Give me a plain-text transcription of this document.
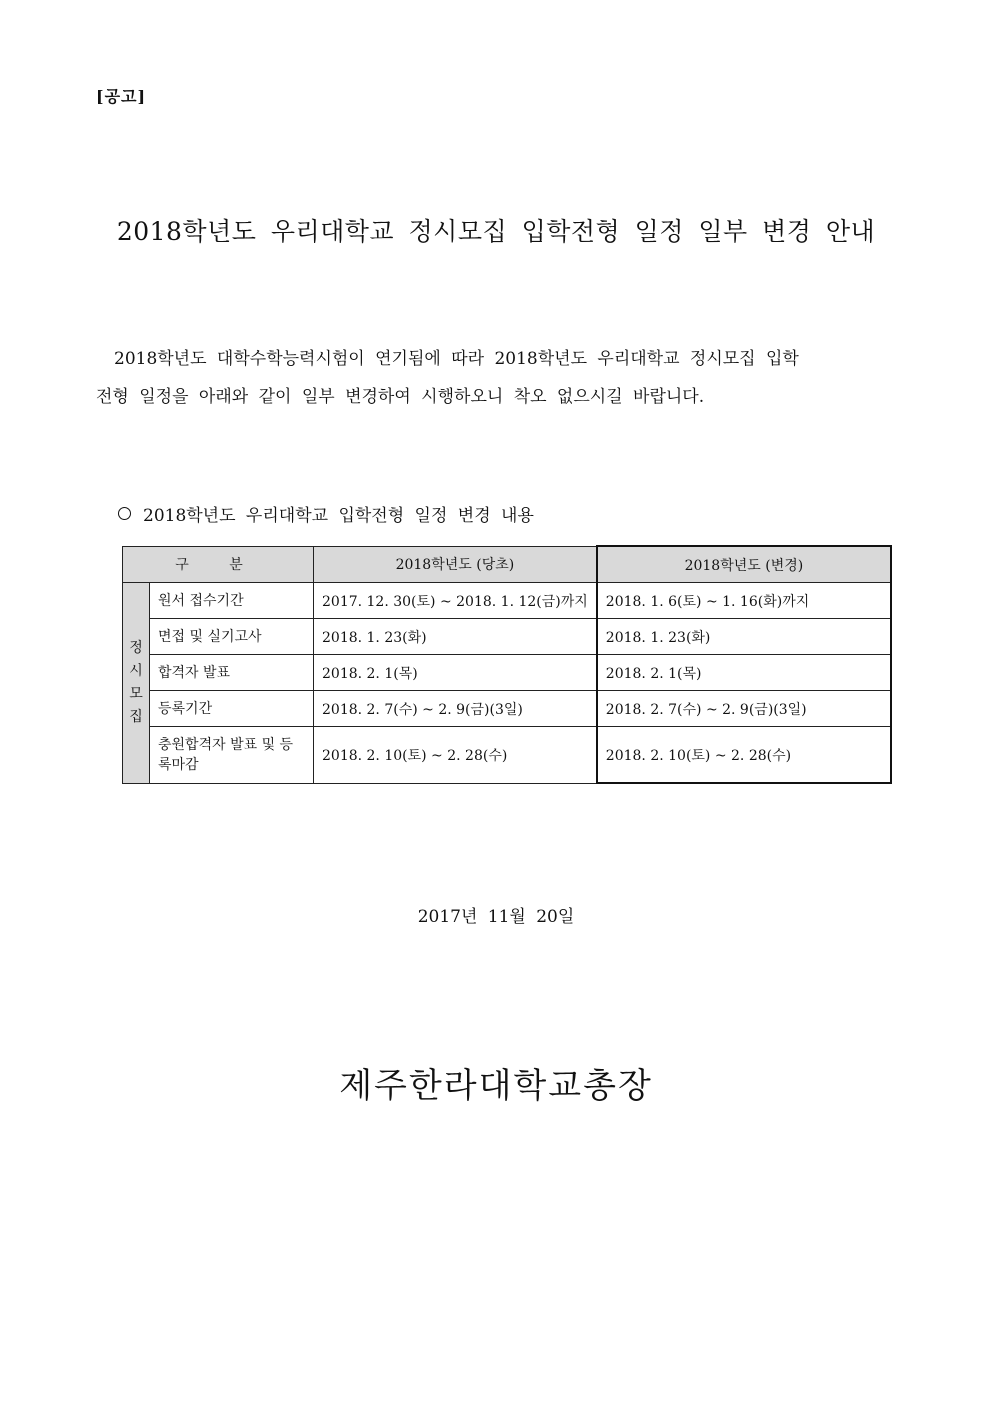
[공고]
2018학년도 우리대학교 정시모집 입학전형 일정 일부 변경 안내
2018학년도 대학수학능력시험이 연기됨에 따라 2018학년도 우리대학교 정시모집 입학
전형 일정을 아래와 같이 일부 변경하여 시행하오니 착오 없으시길 바랍니다.
2018학년도 우리대학교 입학전형 일정 변경 내용
구 분		2018학년도 (당초)	2018학년도 (변경)

정
시
모
집	원서 접수기간	2017. 12. 30(토) ~ 2018. 1. 12(금)까지	2018. 1. 6(토) ~ 1. 16(화)까지
	면접 및 실기고사	2018. 1. 23(화)	2018. 1. 23(화)
	합격자 발표	2018. 2. 1(목)	2018. 2. 1(목)
	등록기간	2018. 2. 7(수) ~ 2. 9(금)(3일)	2018. 2. 7(수) ~ 2. 9(금)(3일)
	충원합격자 발표 및 등록마감	2018. 2. 10(토) ~ 2. 28(수)	2018. 2. 10(토) ~ 2. 28(수)
2017년 11월 20일
제주한라대학교총장
